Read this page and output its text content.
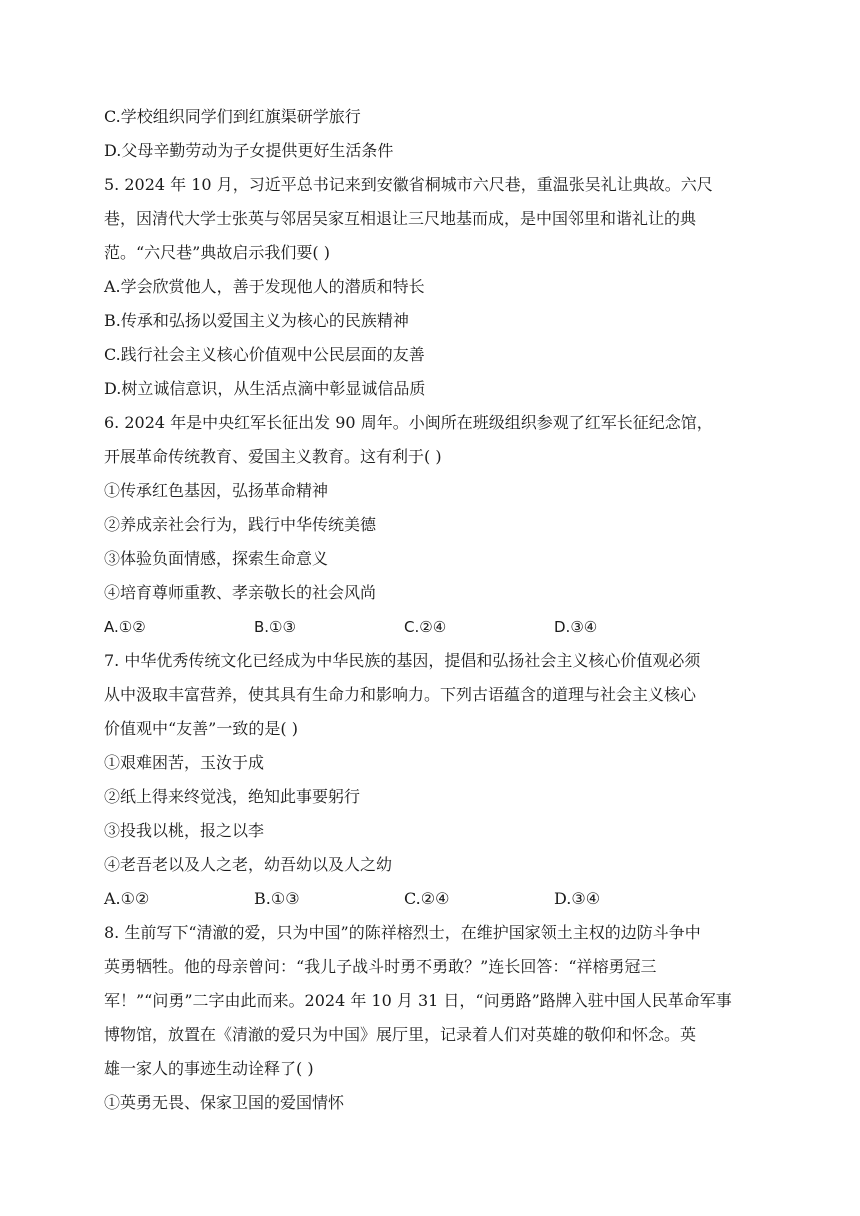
C.学校组织同学们到红旗渠研学旅行
D.父母辛勤劳动为子女提供更好生活条件
5. 2024 年 10 月，习近平总书记来到安徽省桐城市六尺巷，重温张吴礼让典故。六尺
巷，因清代大学士张英与邻居吴家互相退让三尺地基而成，是中国邻里和谐礼让的典
范。“六尺巷”典故启示我们要( )
A.学会欣赏他人，善于发现他人的潜质和特长
B.传承和弘扬以爱国主义为核心的民族精神
C.践行社会主义核心价值观中公民层面的友善
D.树立诚信意识，从生活点滴中彰显诚信品质
6. 2024 年是中央红军长征出发 90 周年。小闽所在班级组织参观了红军长征纪念馆，
开展革命传统教育、爱国主义教育。这有利于( )
①传承红色基因，弘扬革命精神
②养成亲社会行为，践行中华传统美德
③体验负面情感，探索生命意义
④培育尊师重教、孝亲敬长的社会风尚
A.①②	B.①③	C.②④	D.③④
7. 中华优秀传统文化已经成为中华民族的基因，提倡和弘扬社会主义核心价值观必须
从中汲取丰富营养，使其具有生命力和影响力。下列古语蕴含的道理与社会主义核心
价值观中“友善”一致的是( )
①艰难困苦，玉汝于成
②纸上得来终觉浅，绝知此事要躬行
③投我以桃，报之以李
④老吾老以及人之老，幼吾幼以及人之幼
A.①②	B.①③	C.②④	D.③④
8. 生前写下“清澈的爱，只为中国”的陈祥榕烈士，在维护国家领土主权的边防斗争中
英勇牺牲。他的母亲曾问：“我儿子战斗时勇不勇敢？”连长回答：“祥榕勇冠三
军！”“问勇”二字由此而来。2024 年 10 月 31 日，“问勇路”路牌入驻中国人民革命军事
博物馆，放置在《清澈的爱只为中国》展厅里，记录着人们对英雄的敬仰和怀念。英
雄一家人的事迹生动诠释了( )
①英勇无畏、保家卫国的爱国情怀
